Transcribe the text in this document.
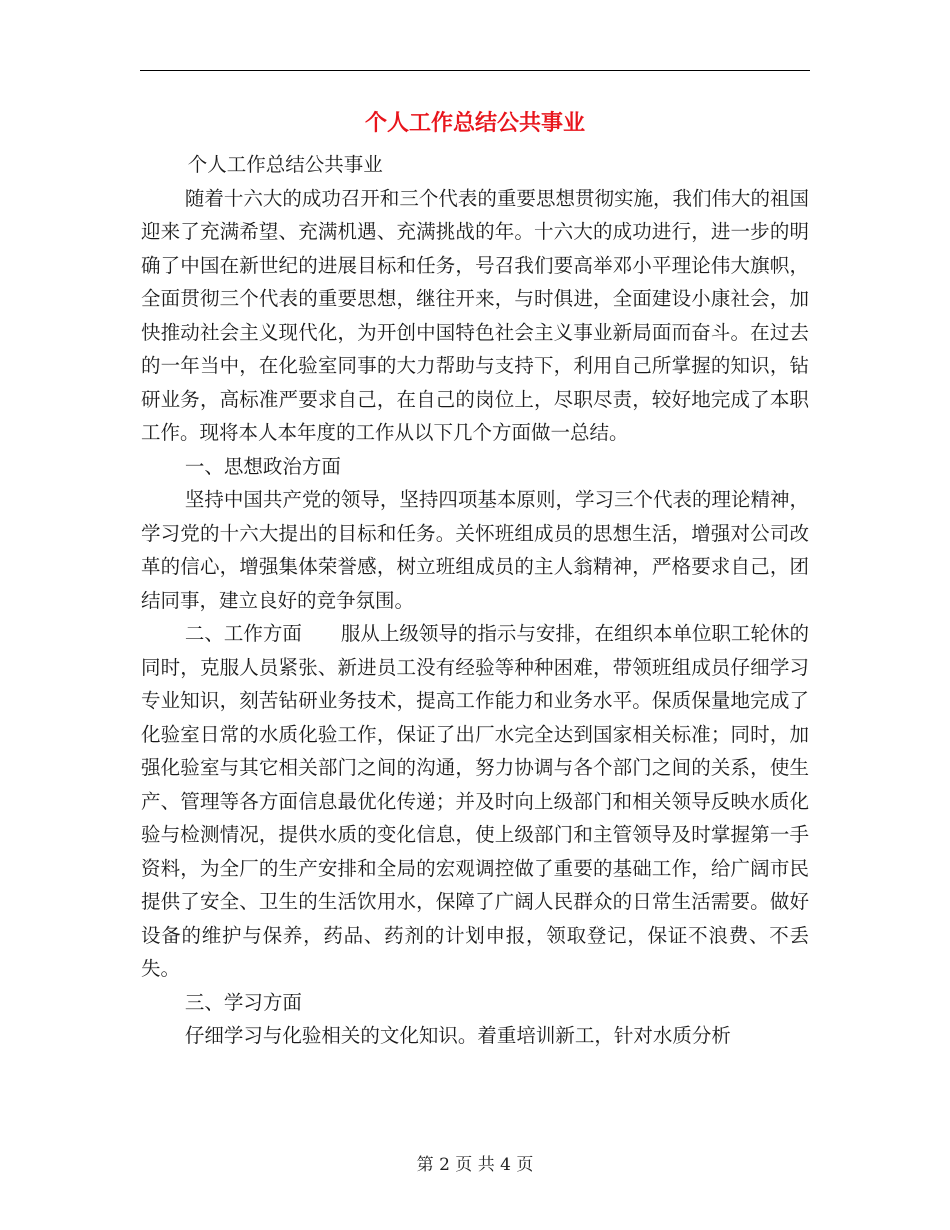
个人工作总结公共事业

个人工作总结公共事业

随着十六大的成功召开和三个代表的重要思想贯彻实施，我们伟大的祖国迎来了充满希望、充满机遇、充满挑战的年。十六大的成功进行，进一步的明确了中国在新世纪的进展目标和任务，号召我们要高举邓小平理论伟大旗帜，全面贯彻三个代表的重要思想，继往开来，与时俱进，全面建设小康社会，加快推动社会主义现代化，为开创中国特色社会主义事业新局面而奋斗。在过去的一年当中，在化验室同事的大力帮助与支持下，利用自己所掌握的知识，钻研业务，高标准严要求自己，在自己的岗位上，尽职尽责，较好地完成了本职工作。现将本人本年度的工作从以下几个方面做一总结。

一、思想政治方面

坚持中国共产党的领导，坚持四项基本原则，学习三个代表的理论精神，学习党的十六大提出的目标和任务。关怀班组成员的思想生活，增强对公司改革的信心，增强集体荣誉感，树立班组成员的主人翁精神，严格要求自己，团结同事，建立良好的竞争氛围。

二、工作方面　　服从上级领导的指示与安排，在组织本单位职工轮休的同时，克服人员紧张、新进员工没有经验等种种困难，带领班组成员仔细学习专业知识，刻苦钻研业务技术，提高工作能力和业务水平。保质保量地完成了化验室日常的水质化验工作，保证了出厂水完全达到国家相关标准；同时，加强化验室与其它相关部门之间的沟通，努力协调与各个部门之间的关系，使生产、管理等各方面信息最优化传递；并及时向上级部门和相关领导反映水质化验与检测情况，提供水质的变化信息，使上级部门和主管领导及时掌握第一手资料，为全厂的生产安排和全局的宏观调控做了重要的基础工作，给广阔市民提供了安全、卫生的生活饮用水，保障了广阔人民群众的日常生活需要。做好设备的维护与保养，药品、药剂的计划申报，领取登记，保证不浪费、不丢失。

三、学习方面

仔细学习与化验相关的文化知识。着重培训新工，针对水质分析

第 2 页 共 4 页
